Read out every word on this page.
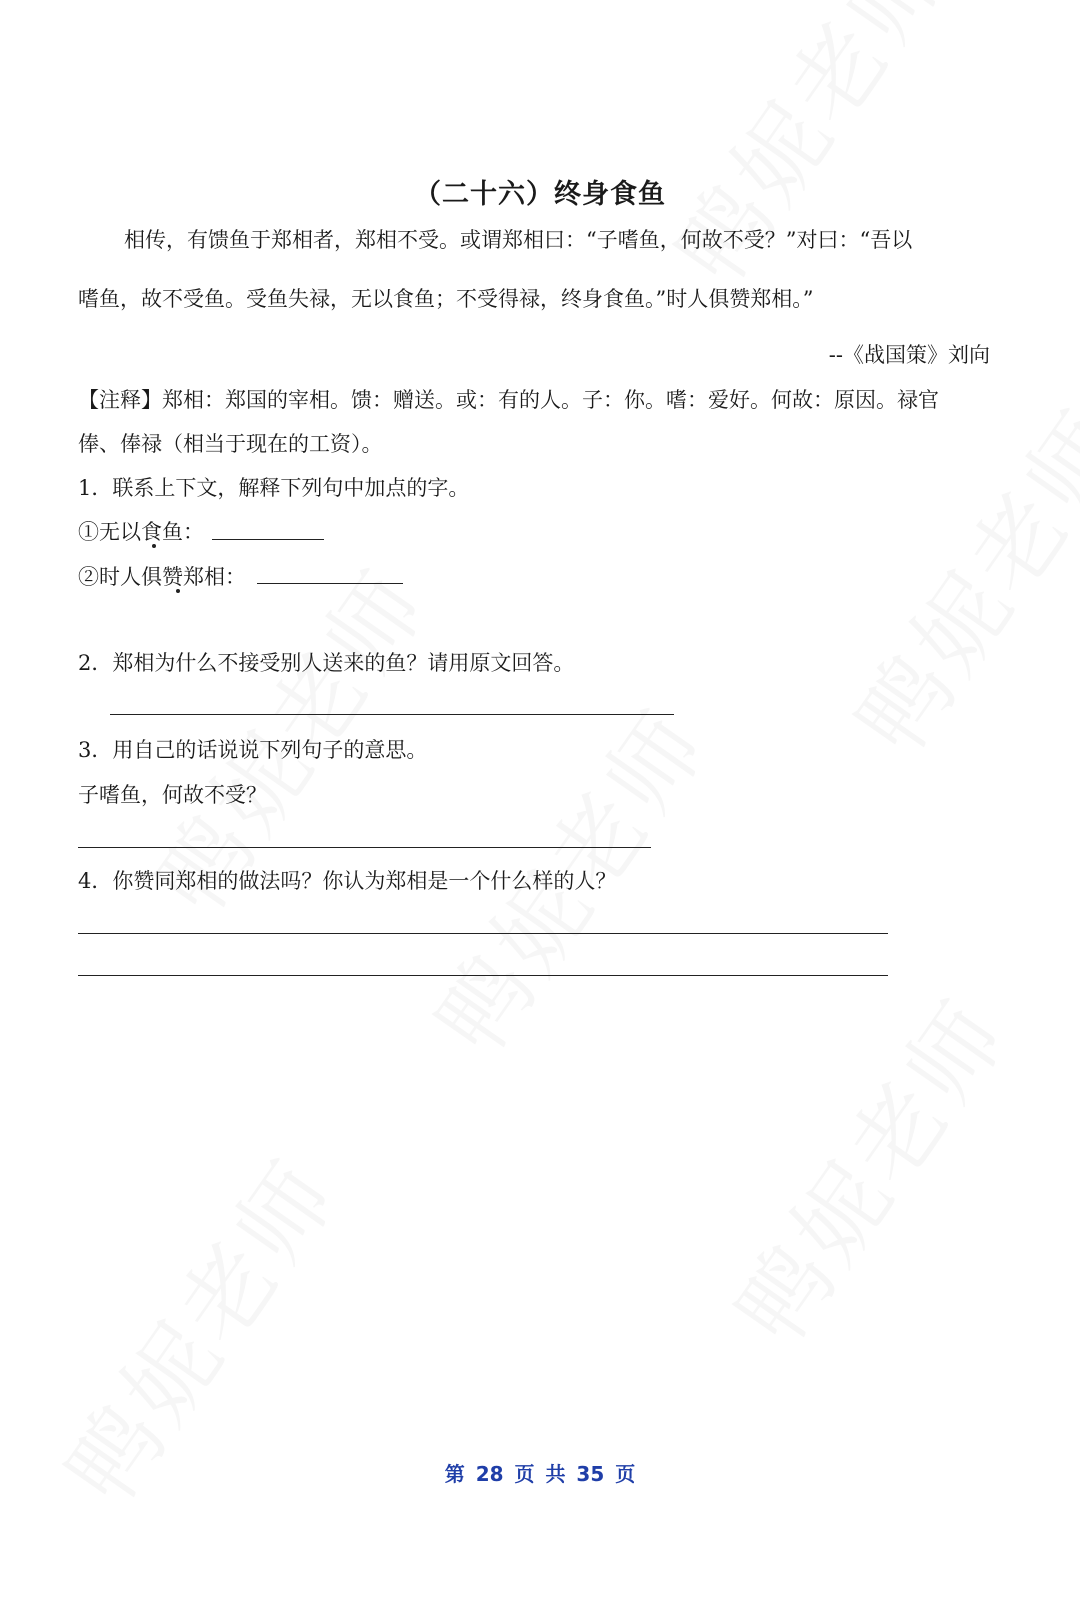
（二十六）终身食鱼
相传，有馈鱼于郑相者，郑相不受。或谓郑相曰：“子嗜鱼，何故不受？”对曰：“吾以
嗜鱼，故不受鱼。受鱼失禄，无以食鱼；不受得禄，终身食鱼。”时人俱赞郑相。”
--《战国策》刘向
【注释】郑相：郑国的宰相。馈：赠送。或：有的人。子：你。嗜：爱好。何故：原因。禄官
俸、俸禄（相当于现在的工资）。
1．联系上下文，解释下列句中加点的字。
①无以食鱼：
②时人俱赞郑相：
2．郑相为什么不接受别人送来的鱼？请用原文回答。
3．用自己的话说说下列句子的意思。
子嗜鱼，何故不受？
4．你赞同郑相的做法吗？你认为郑相是一个什么样的人？
第 28 页 共 35 页
